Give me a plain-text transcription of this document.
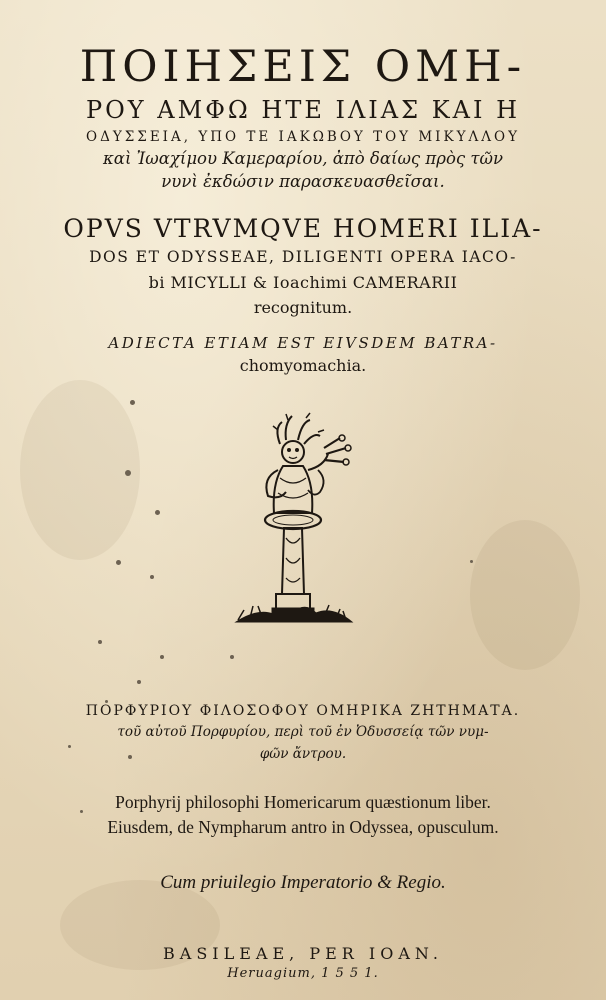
ΠΟΙΗΣΕΙΣ ΟΜΗ-
ΡΟΥ ΑΜΦΩ ΗΤΕ ΙΛΙΑΣ ΚΑΙ Η
ΟΔΥΣΣΕΙΑ, ΥΠΟ ΤΕ ΙΑΚΩΒΟΥ ΤΟΥ ΜΙΚΥΛΛΟΥ
καὶ Ἰωαχίμου Καμεραρίου, ἀπὸ δαίως πρὸς τῶν
νυνὶ ἐκδώσιν παρασκευασθεῖσαι.
OPVS VTRVMQVE HOMERI ILIA-
DOS ET ODYSSEAE, DILIGENTI OPERA IACO-
bi MICYLLI & Ioachimi CAMERARII
recognitum.
ADIECTA ETIAM EST EIVSDEM BATRA-
chomyomachia.
ΠΟΡΦΥΡΙΟΥ ΦΙΛΟΣΟΦΟΥ ΟΜΗΡΙΚΑ ΖΗΤΗΜΑΤΑ.
τοῦ αὐτοῦ Πορφυρίου, περὶ τοῦ ἐν Ὀδυσσείᾳ τῶν νυμ-
φῶν ἄντρου.
Porphyrij philosophi Homericarum quæstionum liber.
Eiusdem, de Nympharum antro in Odyssea, opusculum.
Cum priuilegio Imperatorio & Regio.
BASILEAE, PER IOAN.
Heruagium, 1 5 5 1.
